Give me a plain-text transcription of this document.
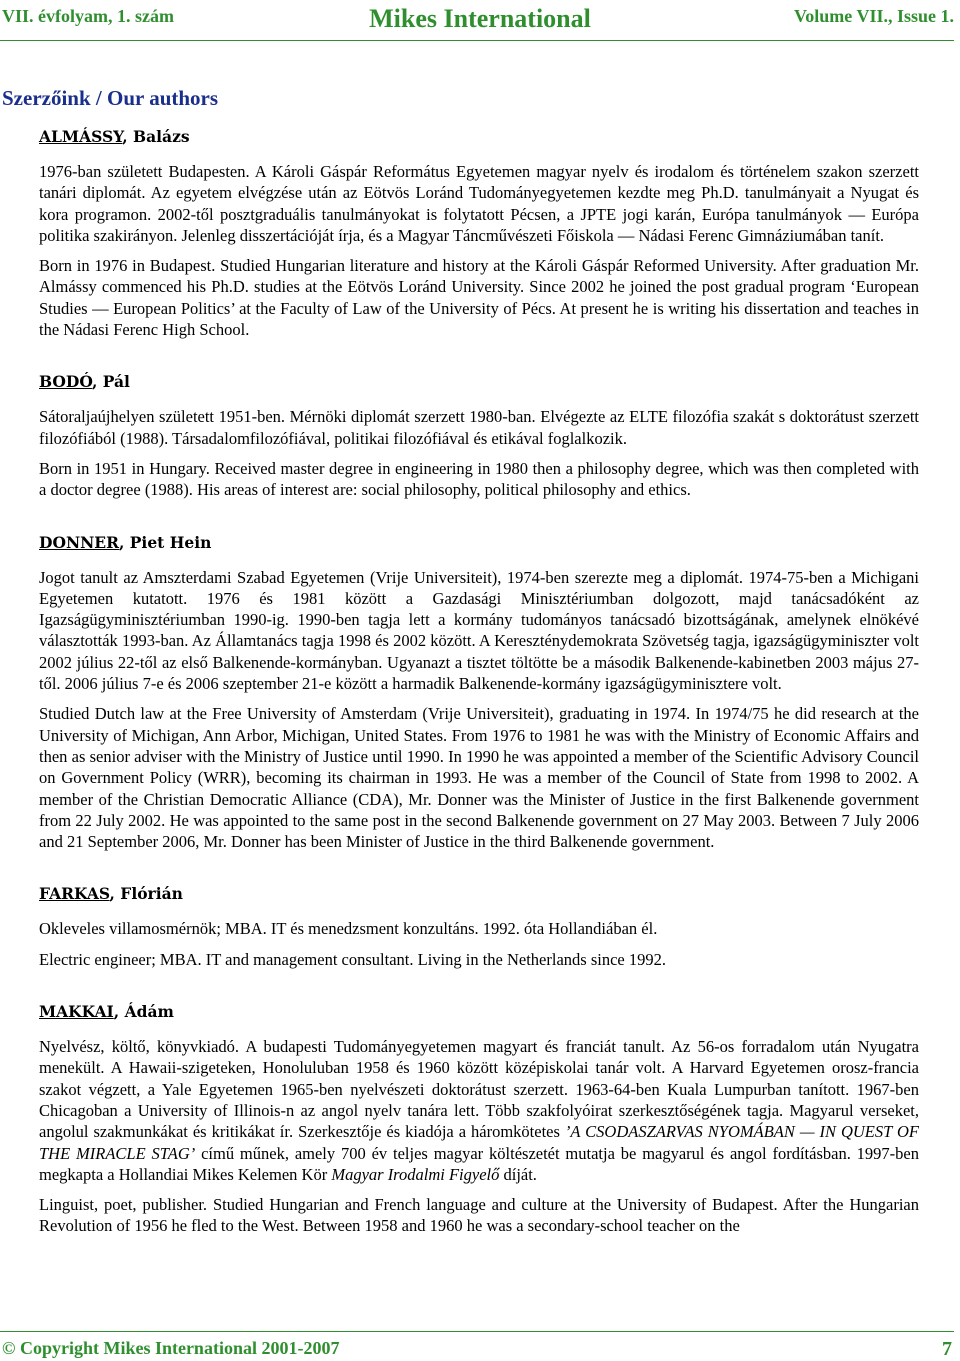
VII. évfolyam, 1. szám	Mikes International	Volume VII., Issue 1.
Szerzőink / Our authors
ALMÁSSY, Balázs

1976-ban született Budapesten. A Károli Gáspár Református Egyetemen magyar nyelv és irodalom és történelem szakon szerzett tanári diplomát. Az egyetem elvégzése után az Eötvös Loránd Tudományegyetemen kezdte meg Ph.D. tanulmányait a Nyugat és kora programon. 2002-től posztgraduális tanulmányokat is folytatott Pécsen, a JPTE jogi karán, Európa tanulmányok — Európa politika szakirányon. Jelenleg disszertációját írja, és a Magyar Táncművészeti Főiskola — Nádasi Ferenc Gimnáziumában tanít.

Born in 1976 in Budapest. Studied Hungarian literature and history at the Károli Gáspár Reformed University. After graduation Mr. Almássy commenced his Ph.D. studies at the Eötvös Loránd University. Since 2002 he joined the post gradual program ‘European Studies — European Politics’ at the Faculty of Law of the University of Pécs. At present he is writing his dissertation and teaches in the Nádasi Ferenc High School.

BODÓ, Pál

Sátoraljaújhelyen született 1951-ben. Mérnöki diplomát szerzett 1980-ban. Elvégezte az ELTE filozófia szakát s doktorátust szerzett filozófiából (1988). Társadalomfilozófiával, politikai filozófiával és etikával foglalkozik.

Born in 1951 in Hungary. Received master degree in engineering in 1980 then a philosophy degree, which was then completed with a doctor degree (1988). His areas of interest are: social philosophy, political philosophy and ethics.

DONNER, Piet Hein

Jogot tanult az Amszterdami Szabad Egyetemen (Vrije Universiteit), 1974-ben szerezte meg a diplomát. 1974-75-ben a Michigani Egyetemen kutatott. 1976 és 1981 között a Gazdasági Minisztériumban dolgozott, majd tanácsadóként az Igazságügyminisztériumban 1990-ig. 1990-ben tagja lett a kormány tudományos tanácsadó bizottságának, amelynek elnökévé választották 1993-ban. Az Államtanács tagja 1998 és 2002 között. A Kereszténydemokrata Szövetség tagja, igazságügyminiszter volt 2002 július 22-től az első Balkenende-kormányban. Ugyanazt a tisztet töltötte be a második Balkenende-kabinetben 2003 május 27-től. 2006 július 7-e és 2006 szeptember 21-e között a harmadik Balkenende-kormány igazságügyminisztere volt.

Studied Dutch law at the Free University of Amsterdam (Vrije Universiteit), graduating in 1974. In 1974/75 he did research at the University of Michigan, Ann Arbor, Michigan, United States. From 1976 to 1981 he was with the Ministry of Economic Affairs and then as senior adviser with the Ministry of Justice until 1990. In 1990 he was appointed a member of the Scientific Advisory Council on Government Policy (WRR), becoming its chairman in 1993. He was a member of the Council of State from 1998 to 2002. A member of the Christian Democratic Alliance (CDA), Mr. Donner was the Minister of Justice in the first Balkenende government from 22 July 2002. He was appointed to the same post in the second Balkenende government on 27 May 2003. Between 7 July 2006 and 21 September 2006, Mr. Donner has been Minister of Justice in the third Balkenende government.

FARKAS, Flórián

Okleveles villamosmérnök; MBA. IT és menedzsment konzultáns. 1992. óta Hollandiában él.

Electric engineer; MBA. IT and management consultant. Living in the Netherlands since 1992.

MAKKAI, Ádám

Nyelvész, költő, könyvkiadó. A budapesti Tudományegyetemen magyart és franciát tanult. Az 56-os forradalom után Nyugatra menekült. A Hawaii-szigeteken, Honoluluban 1958 és 1960 között középiskolai tanár volt. A Harvard Egyetemen orosz-francia szakot végzett, a Yale Egyetemen 1965-ben nyelvészeti doktorátust szerzett. 1963-64-ben Kuala Lumpurban tanított. 1967-ben Chicagoban a University of Illinois-n az angol nyelv tanára lett. Több szakfolyóirat szerkesztőségének tagja. Magyarul verseket, angolul szakmunkákat és kritikákat ír. Szerkesztője és kiadója a háromkötetes ’A CSODASZARVAS NYOMÁBAN — IN QUEST OF THE MIRACLE STAG’ című műnek, amely 700 év teljes magyar költészetét mutatja be magyarul és angol fordításban. 1997-ben megkapta a Hollandiai Mikes Kelemen Kör Magyar Irodalmi Figyelő díját.

Linguist, poet, publisher. Studied Hungarian and French language and culture at the University of Budapest. After the Hungarian Revolution of 1956 he fled to the West. Between 1958 and 1960 he was a secondary-school teacher on the

© Copyright Mikes International 2001-2007	7
